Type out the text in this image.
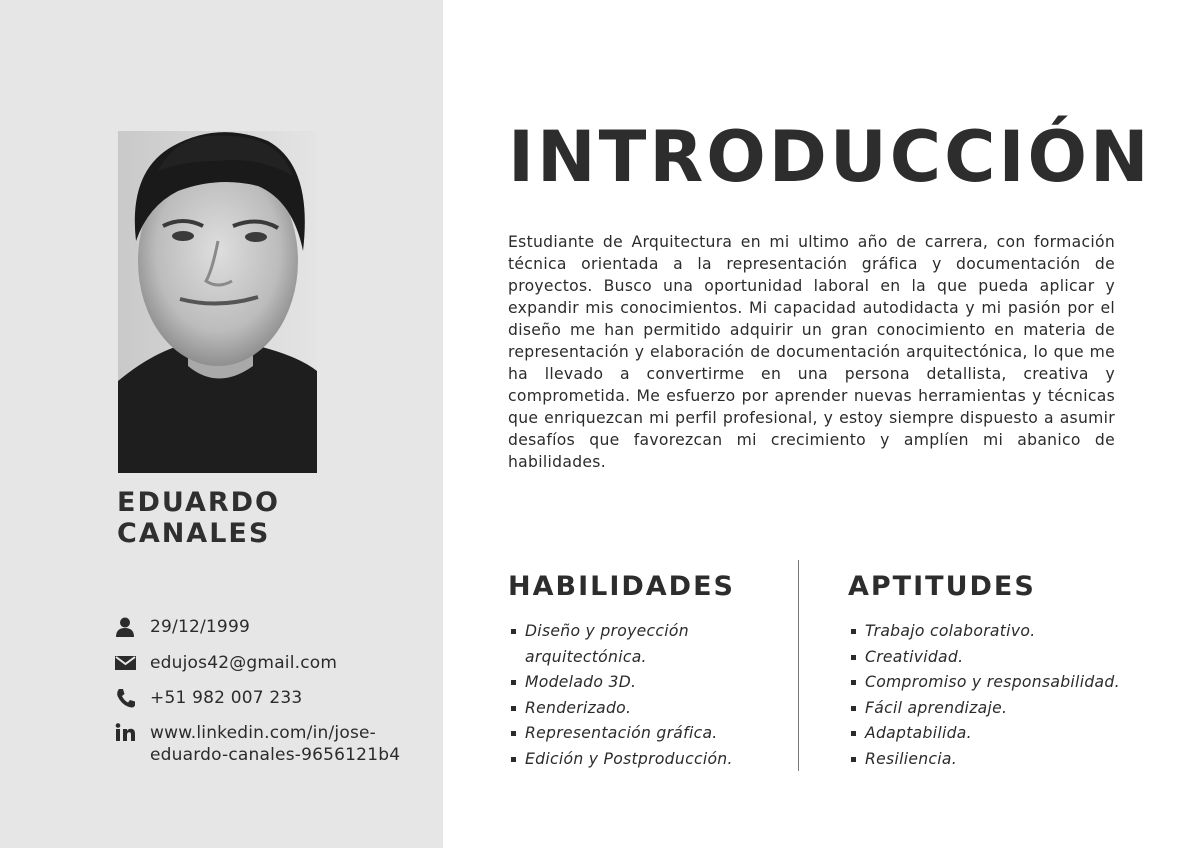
EDUARDO
CANALES
29/12/1999
edujos42@gmail.com
+51 982 007 233
www.linkedin.com/in/jose-
eduardo-canales-9656121b4
INTRODUCCIÓN

Estudiante de Arquitectura en mi ultimo año de carrera, con formación técnica orientada a la representación gráfica y documentación de proyectos. Busco una oportunidad laboral en la que pueda aplicar y expandir mis conocimientos. Mi capacidad autodidacta y mi pasión por el diseño me han permitido adquirir un gran conocimiento en materia de representación y elaboración de documentación arquitectónica, lo que me ha llevado a convertirme en una persona detallista, creativa y comprometida. Me esfuerzo por aprender nuevas herramientas y técnicas que enriquezcan mi perfil profesional, y estoy siempre dispuesto a asumir desafíos que favorezcan mi crecimiento y amplíen mi abanico de habilidades.

HABILIDADES
Diseño y proyección arquitectónica.
Modelado 3D.
Renderizado.
Representación gráfica.
Edición y Postproducción.
APTITUDES
Trabajo colaborativo.
Creatividad.
Compromiso y responsabilidad.
Fácil aprendizaje.
Adaptabilida.
Resiliencia.
